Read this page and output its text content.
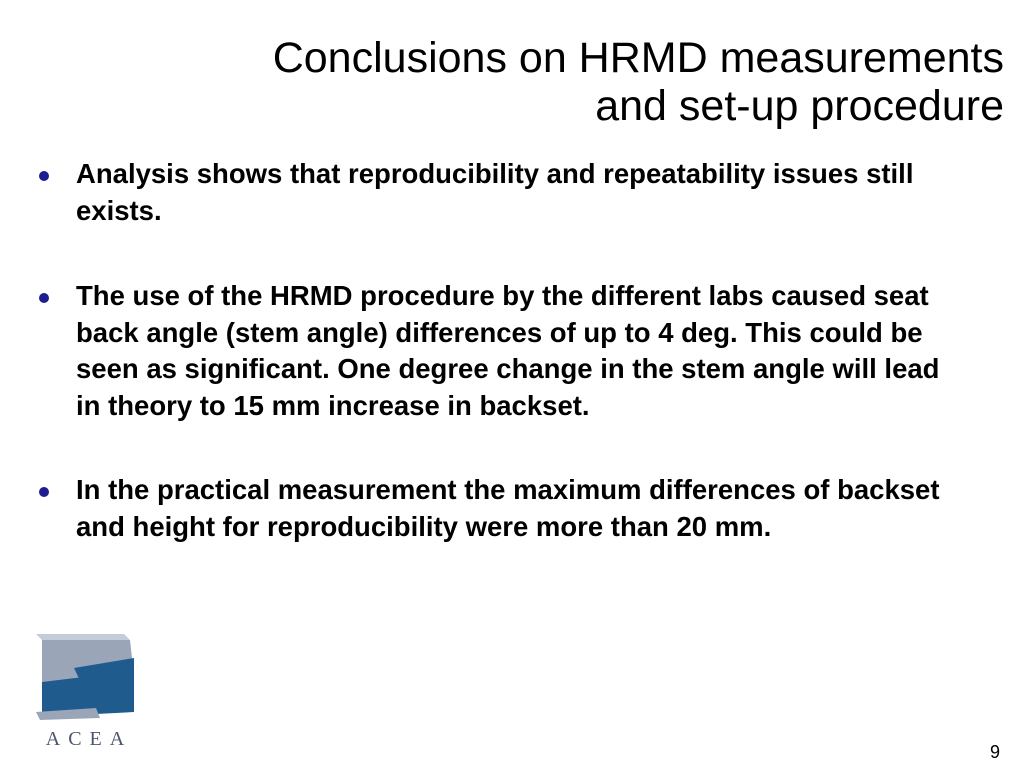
Conclusions on HRMD measurements
and set-up procedure
Analysis shows that reproducibility and repeatability issues still exists.
The use of the HRMD procedure by the different labs caused seat back angle (stem angle) differences of up to 4 deg. This could be seen as significant. One degree change in the stem angle will lead in theory to 15 mm increase in backset.
In the practical measurement the maximum differences of backset and height for reproducibility were more than 20 mm.
ACEA
9
